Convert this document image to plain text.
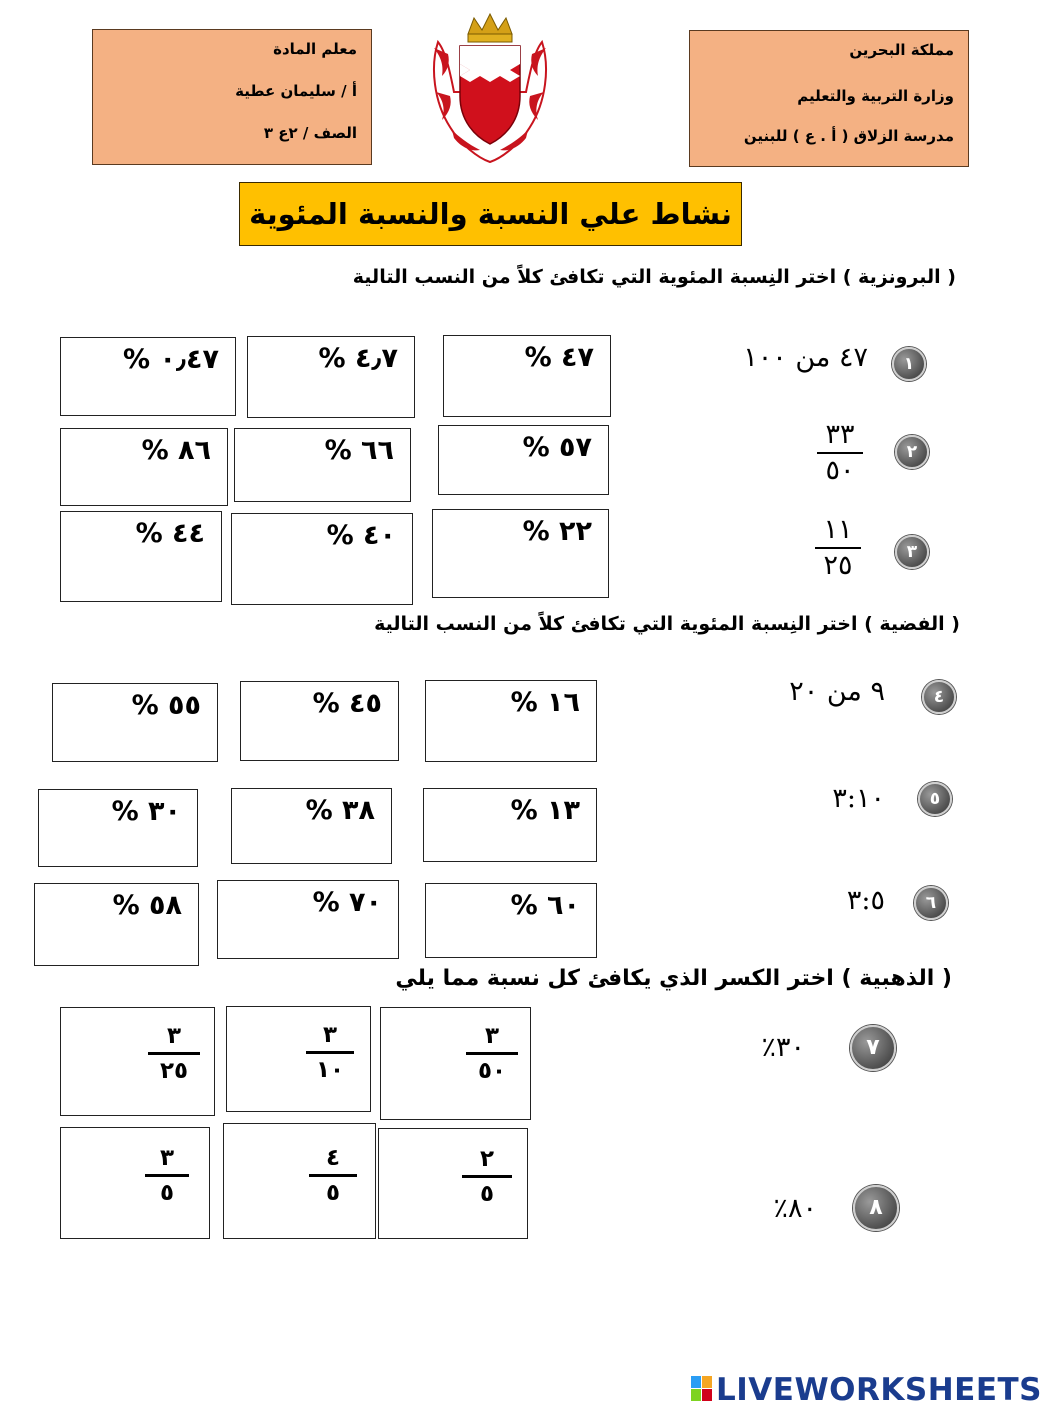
مملكة البحرين
وزارة التربية والتعليم
مدرسة الزلاق ( أ . ع ) للبنين
معلم المادة
أ / سليمان عطية
الصف / ٢ع ٣
نشاط علي النسبة والنسبة المئوية
( البرونزية ) اختر النِسبة المئوية التي تكافئ كلاً من النسب التالية
١
٤٧ من ١٠٠
٤٧ %
٤٫٧ %
٠٫٤٧ %
٢
٣٣
٥٠
٥٧ %
٦٦ %
٨٦ %
٣
١١
٢٥
٢٢ %
٤٠ %
٤٤ %
( الفضية ) اختر النِسبة المئوية التي تكافئ كلاً من النسب التالية
٤
٩ من ٢٠
١٦ %
٤٥ %
٥٥ %
٥
٣:١٠
١٣ %
٣٨ %
٣٠ %
٦
٣:٥
٦٠ %
٧٠ %
٥٨ %
( الذهبية ) اختر الكسر الذي يكافئ كل نسبة مما يلي
٧
٣٠٪
٣
٥٠
٣
١٠
٣
٢٥
٨
٨٠٪
٢
٥
٤
٥
٣
٥
LIVEWORKSHEETS
